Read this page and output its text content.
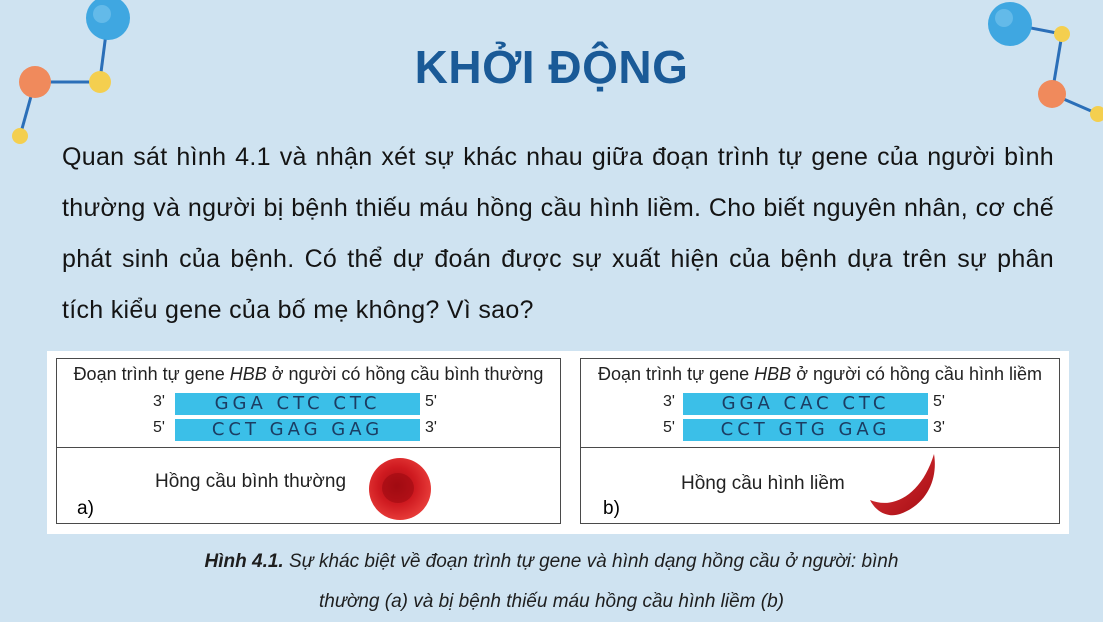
KHỞI ĐỘNG
Quan sát hình 4.1 và nhận xét sự khác nhau giữa đoạn trình tự gene của người bình thường và người bị bệnh thiếu máu hồng cầu hình liềm. Cho biết nguyên nhân, cơ chế phát sinh của bệnh. Có thể dự đoán được sự xuất hiện của bệnh dựa trên sự phân tích kiểu gene của bố mẹ không? Vì sao?
Đoạn trình tự gene HBB ở người có hồng cầu bình thường
3'	GGA CTC CTC	5'
5'	CCT GAG GAG	3'
Hồng cầu bình thường
a)
Đoạn trình tự gene HBB ở người có hồng cầu hình liềm
3'	GGA CAC CTC	5'
5'	CCT GTG GAG	3'
Hồng cầu hình liềm
b)
Hình 4.1. Sự khác biệt về đoạn trình tự gene và hình dạng hồng cầu ở người: bình
thường (a) và bị bệnh thiếu máu hồng cầu hình liềm (b)
